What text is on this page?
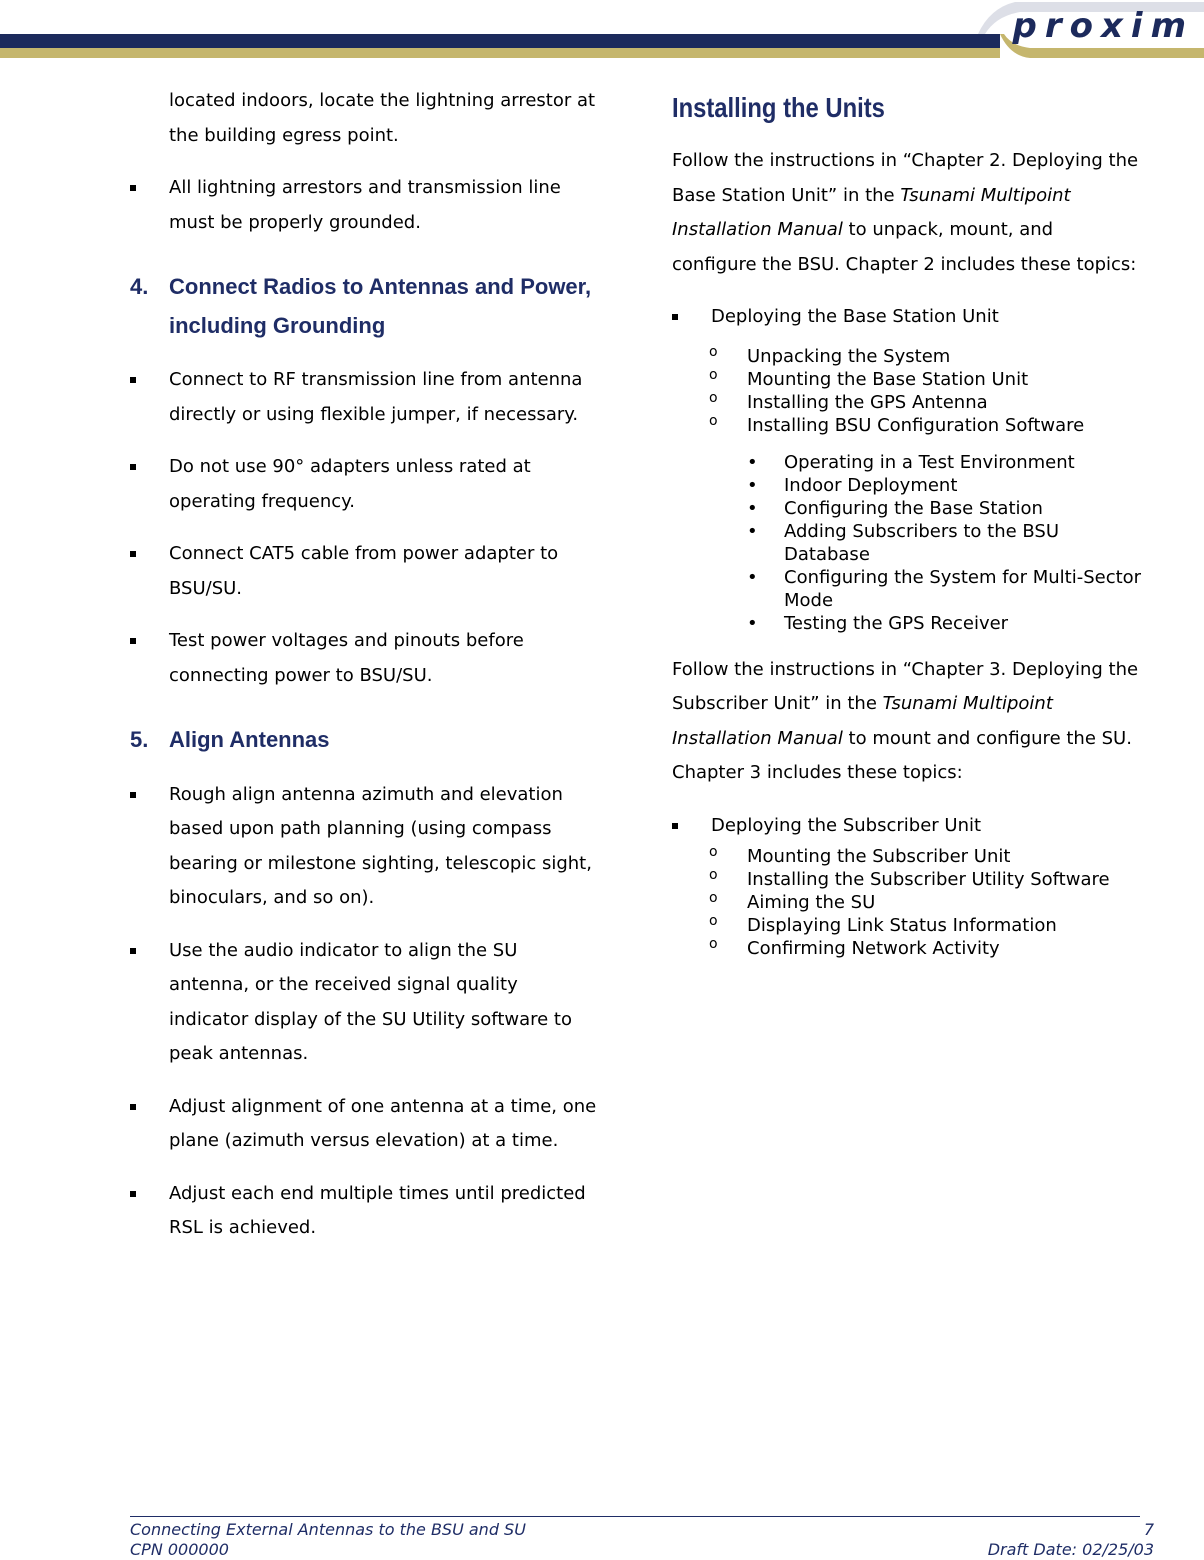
proxim

located indoors, locate the lightning arrestor at the building egress point.

All lightning arrestors and transmission line must be properly grounded.
4. Connect Radios to Antennas and Power, including Grounding
Connect to RF transmission line from antenna directly or using flexible jumper, if necessary.
Do not use 90° adapters unless rated at operating frequency.
Connect CAT5 cable from power adapter to BSU/SU.
Test power voltages and pinouts before connecting power to BSU/SU.
5. Align Antennas
Rough align antenna azimuth and elevation based upon path planning (using compass bearing or milestone sighting, telescopic sight, binoculars, and so on).
Use the audio indicator to align the SU antenna, or the received signal quality indicator display of the SU Utility software to peak antennas.
Adjust alignment of one antenna at a time, one plane (azimuth versus elevation) at a time.
Adjust each end multiple times until predicted RSL is achieved.
Installing the Units

Follow the instructions in “Chapter 2. Deploying the Base Station Unit” in the Tsunami Multipoint Installation Manual to unpack, mount, and configure the BSU. Chapter 2 includes these topics:

Deploying the Base Station Unit
o Unpacking the System
o Mounting the Base Station Unit
o Installing the GPS Antenna
o Installing BSU Configuration Software
• Operating in a Test Environment
• Indoor Deployment
• Configuring the Base Station
• Adding Subscribers to the BSU Database
• Configuring the System for Multi-Sector Mode
• Testing the GPS Receiver

Follow the instructions in “Chapter 3. Deploying the Subscriber Unit” in the Tsunami Multipoint Installation Manual to mount and configure the SU. Chapter 3 includes these topics:

Deploying the Subscriber Unit
o Mounting the Subscriber Unit
o Installing the Subscriber Utility Software
o Aiming the SU
o Displaying Link Status Information
o Confirming Network Activity
Connecting External Antennas to the BSU and SU	7
CPN 000000	Draft Date: 02/25/03
